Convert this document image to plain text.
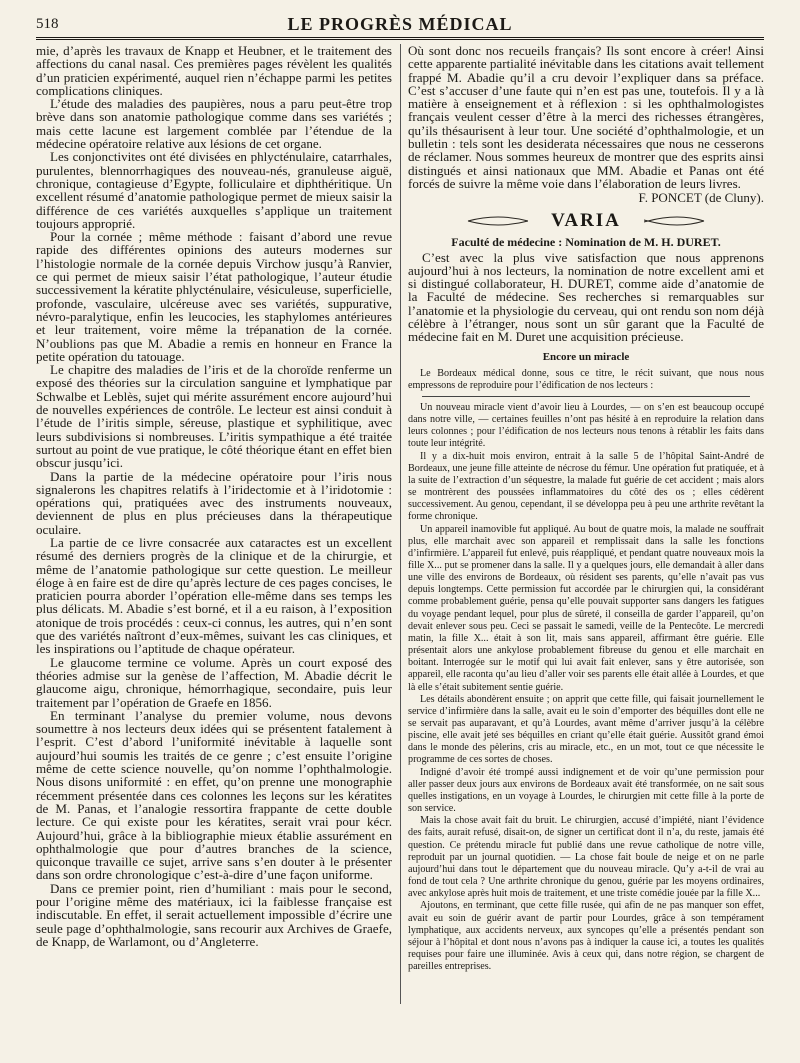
518	LE PROGRÈS MÉDICAL

mie, d’après les travaux de Knapp et Heubner, et le traitement des affections du canal nasal. Ces premières pages révèlent les qualités d’un praticien expérimenté, auquel rien n’échappe parmi les petites complications cliniques.

L’étude des maladies des paupières, nous a paru peut-être trop brève dans son anatomie pathologique comme dans ses variétés ; mais cette lacune est largement comblée par l’étendue de la médecine opératoire relative aux lésions de cet organe.

Les conjonctivites ont été divisées en phlycténulaire, catarrhales, purulentes, blennorrhagiques des nouveau-nés, granuleuse aiguë, chronique, contagieuse d’Egypte, folliculaire et diphthéritique. Un excellent résumé d’anatomie pathologique permet de mieux saisir la différence de ces variétés auxquelles s’applique un traitement toujours approprié.

Pour la cornée ; même méthode : faisant d’abord une revue rapide des différentes opinions des auteurs modernes sur l’histologie normale de la cornée depuis Virchow jusqu’à Ranvier, ce qui permet de mieux saisir l’état pathologique, l’auteur étudie successivement la kératite phlycténulaire, vésiculeuse, superficielle, profonde, vasculaire, ulcéreuse avec ses variétés, suppurative, névro-paralytique, enfin les leucocies, les staphylomes antérieures et leur traitement, voire même la trépanation de la cornée. N’oublions pas que M. Abadie a remis en honneur en France la petite opération du tatouage.

Le chapitre des maladies de l’iris et de la choroïde renferme un exposé des théories sur la circulation sanguine et lymphatique par Schwalbe et Leblès, sujet qui mérite assurément encore aujourd’hui de nouvelles expériences de contrôle. Le lecteur est ainsi conduit à l’étude de l’iritis simple, séreuse, plastique et syphilitique, avec leurs subdivisions si nombreuses. L’iritis sympathique a été traitée surtout au point de vue pratique, le côté théorique étant en effet bien obscur jusqu’ici.

Dans la partie de la médecine opératoire pour l’iris nous signalerons les chapitres relatifs à l’iridectomie et à l’iridotomie : opérations qui, pratiquées avec des instruments nouveaux, deviennent de plus en plus précieuses dans la thérapeutique oculaire.

La partie de ce livre consacrée aux cataractes est un excellent résumé des derniers progrès de la clinique et de la chirurgie, et même de l’anatomie pathologique sur cette question. Le meilleur éloge à en faire est de dire qu’après lecture de ces pages concises, le praticien pourra aborder l’opération elle-même dans ses temps les plus délicats. M. Abadie s’est borné, et il a eu raison, à l’exposition atonique de trois procédés : ceux-ci connus, les autres, qui n’en sont que des variétés naîtront d’eux-mêmes, suivant les cas cliniques, et les inspirations ou l’aptitude de chaque opérateur.

Le glaucome termine ce volume. Après un court exposé des théories admise sur la genèse de l’affection, M. Abadie décrit le glaucome aigu, chronique, hémorrhagique, secondaire, puis leur traitement par l’opération de Graefe en 1856.

En terminant l’analyse du premier volume, nous devons soumettre à nos lecteurs deux idées qui se présentent fatalement à l’esprit. C’est d’abord l’uniformité inévitable à laquelle sont aujourd’hui soumis les traités de ce genre ; c’est ensuite l’origine même de cette science nouvelle, qu’on nomme l’ophthalmologie. Nous disons uniformité : en effet, qu’on prenne une monographie récemment présentée dans ces colonnes les leçons sur les kératites de M. Panas, et l’analogie ressortira frappante de cette double lecture. Ce qui existe pour les kératites, serait vrai pour kécr. Aujourd’hui, grâce à la bibliographie mieux établie assurément en ophthalmologie que pour d’autres branches de la science, quiconque travaille ce sujet, arrive sans s’en douter à le présenter dans son ordre chronologique c’est-à-dire d’une façon uniforme.

Dans ce premier point, rien d’humiliant : mais pour le second, pour l’origine même des matériaux, ici la faiblesse française est indiscutable. En effet, il serait actuellement impossible d’écrire une seule page d’ophthalmologie, sans recourir aux Archives de Graefe, de Knapp, de Warlamont, ou d’Angleterre.

Où sont donc nos recueils français? Ils sont encore à créer! Ainsi cette apparente partialité inévitable dans les citations avait tellement frappé M. Abadie qu’il a cru devoir l’expliquer dans sa préface. C’est s’accuser d’une faute qui n’en est pas une, toutefois. Il y a là matière à enseignement et à réflexion : si les ophthalmologistes français veulent cesser d’être à la merci des richesses étrangères, qu’ils thésaurisent à leur tour. Une société d’ophthalmologie, et un bulletin : tels sont les desiderata nécessaires que nous ne cesserons de réclamer. Nous sommes heureux de montrer que des esprits ainsi distingués et ainsi nationaux que MM. Abadie et Panas ont été forcés de suivre la même voie dans l’élaboration de leurs livres.

F. PONCET (de Cluny).
VARIA
Faculté de médecine : Nomination de M. H. DURET.

C’est avec la plus vive satisfaction que nous apprenons aujourd’hui à nos lecteurs, la nomination de notre excellent ami et si distingué collaborateur, H. DURET, comme aide d’anatomie de la Faculté de médecine. Ses recherches si remarquables sur l’anatomie et la physiologie du cerveau, qui ont rendu son nom déjà célèbre à l’étranger, nous sont un sûr garant que la Faculté de médecine fait en M. Duret une acquisition précieuse.

Encore un miracle

Le Bordeaux médical donne, sous ce titre, le récit suivant, que nous nous empressons de reproduire pour l’édification de nos lecteurs :

Un nouveau miracle vient d’avoir lieu à Lourdes, — on s’en est beaucoup occupé dans notre ville, — certaines feuilles n’ont pas hésité à en reproduire la relation dans leurs colonnes ; pour l’édification de nos lecteurs nous tenons à rétablir les faits dans toute leur intégrité.

Il y a dix-huit mois environ, entrait à la salle 5 de l’hôpital Saint-André de Bordeaux, une jeune fille atteinte de nécrose du fémur. Une opération fut pratiquée, et à la suite de l’extraction d’un séquestre, la malade fut guérie de cet accident ; mais alors se montrèrent des poussées inflammatoires du côté des os ; elles cédèrent successivement. Au genou, cependant, il se développa peu à peu une arthrite revêtant la forme chronique.

Un appareil inamovible fut appliqué. Au bout de quatre mois, la malade ne souffrait plus, elle marchait avec son appareil et remplissait dans la salle les fonctions d’infirmière. L’appareil fut enlevé, puis réappliqué, et pendant quatre nouveaux mois la fille X... put se promener dans la salle. Il y a quelques jours, elle demandait à aller dans une ville des environs de Bordeaux, où résident ses parents, qu’elle n’avait pas vus depuis longtemps. Cette permission fut accordée par le chirurgien qui, la considérant comme probablement guérie, pensa qu’elle pouvait supporter sans dangers les fatigues du voyage pendant lequel, pour plus de sûreté, il conseilla de garder l’appareil, qu’on devait enlever sous peu. Ceci se passait le samedi, veille de la Pentecôte. Le mercredi matin, la fille X... était à son lit, mais sans appareil, affirmant être guérie. Elle présentait alors une ankylose probablement fibreuse du genou et elle marchait en boitant. Interrogée sur le motif qui lui avait fait enlever, sans y être autorisée, son appareil, elle raconta qu’au lieu d’aller voir ses parents elle était allée à Lourdes, et que là elle s’était subitement sentie guérie.

Les détails abondèrent ensuite ; on apprit que cette fille, qui faisait journellement le service d’infirmière dans la salle, avait eu le soin d’emporter des béquilles dont elle ne se servait pas auparavant, et qu’à Lourdes, avant même d’arriver jusqu’à la célèbre piscine, elle avait jeté ses béquilles en criant qu’elle était guérie. Aussitôt grand émoi dans le monde des pèlerins, cris au miracle, etc., en un mot, tout ce que nécessite le programme de ces sortes de choses.

Indigné d’avoir été trompé aussi indignement et de voir qu’une permission pour aller passer deux jours aux environs de Bordeaux avait été transformée, on ne sait sous quelles instigations, en un voyage à Lourdes, le chirurgien mit cette fille à la porte de son service.

Mais la chose avait fait du bruit. Le chirurgien, accusé d’impiété, niant l’évidence des faits, aurait refusé, disait-on, de signer un certificat dont il n’a, du reste, jamais été question. Ce prétendu miracle fut publié dans une revue catholique de notre ville, reproduit par un journal quotidien. — La chose fait boule de neige et on ne parle aujourd’hui dans tout le département que du nouveau miracle. Qu’y a-t-il de vrai au fond de tout cela ? Une arthrite chronique du genou, guérie par les moyens ordinaires, avec ankylose après huit mois de traitement, et une triste comédie jouée par la fille X...

Ajoutons, en terminant, que cette fille rusée, qui afin de ne pas manquer son effet, avait eu soin de guérir avant de partir pour Lourdes, grâce à son tempérament lymphatique, aux accidents nerveux, aux syncopes qu’elle a présentés pendant son séjour à l’hôpital et dont nous n’avons pas à indiquer la cause ici, a toutes les qualités requises pour faire une illuminée. Avis à ceux qui, dans notre région, se chargent de pareilles entreprises.
